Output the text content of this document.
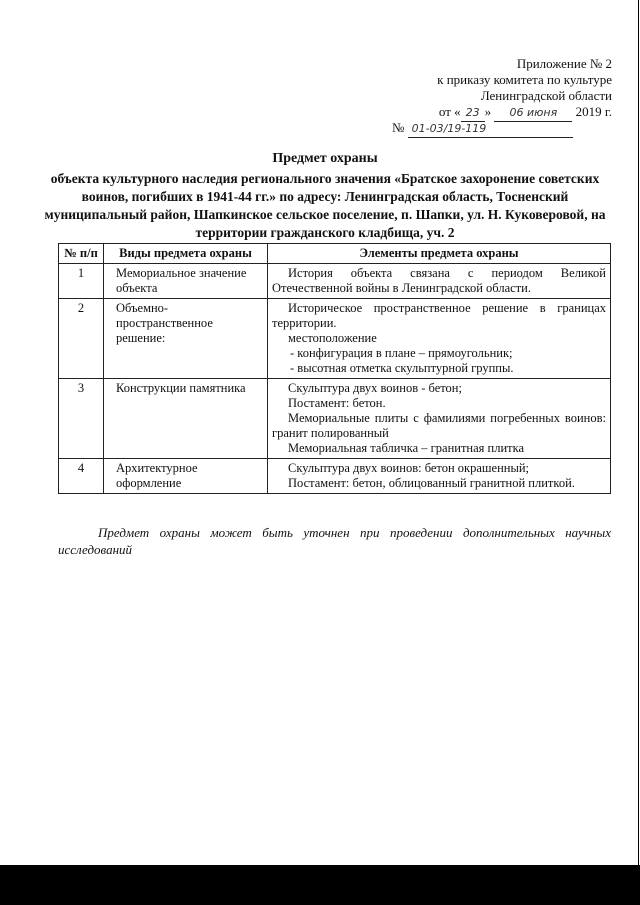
Приложение № 2
к приказу комитета по культуре
Ленинградской области
от « 23 » 06 июня 2019 г.
№ 01-03/19-119
Предмет охраны
объекта культурного наследия регионального значения «Братское захоронение советских воинов, погибших в 1941-44 гг.» по адресу: Ленинградская область, Тосненский муниципальный район, Шапкинское сельское поселение, п. Шапки, ул. Н. Куковеровой, на территории гражданского кладбища, уч. 2
№ п/п	Виды предмета охраны	Элементы предмета охраны
1	Мемориальное значение объекта	История объекта связана с периодом Великой Отечественной войны в Ленинградской области.

2	Объемно-пространственное решение:	Историческое пространственное решение в границах территории.
местоположение
- конфигурация в плане – прямоугольник;
- высотная отметка скульптурной группы.

3	Конструкции памятника	Скульптура двух воинов - бетон;
Постамент: бетон.
Мемориальные плиты с фамилиями погребенных воинов: гранит полированный
Мемориальная табличка – гранитная плитка

4	Архитектурное оформление	Скульптура двух воинов: бетон окрашенный;
Постамент: бетон, облицованный гранитной плиткой.
Предмет охраны может быть уточнен при проведении дополнительных научных исследований
